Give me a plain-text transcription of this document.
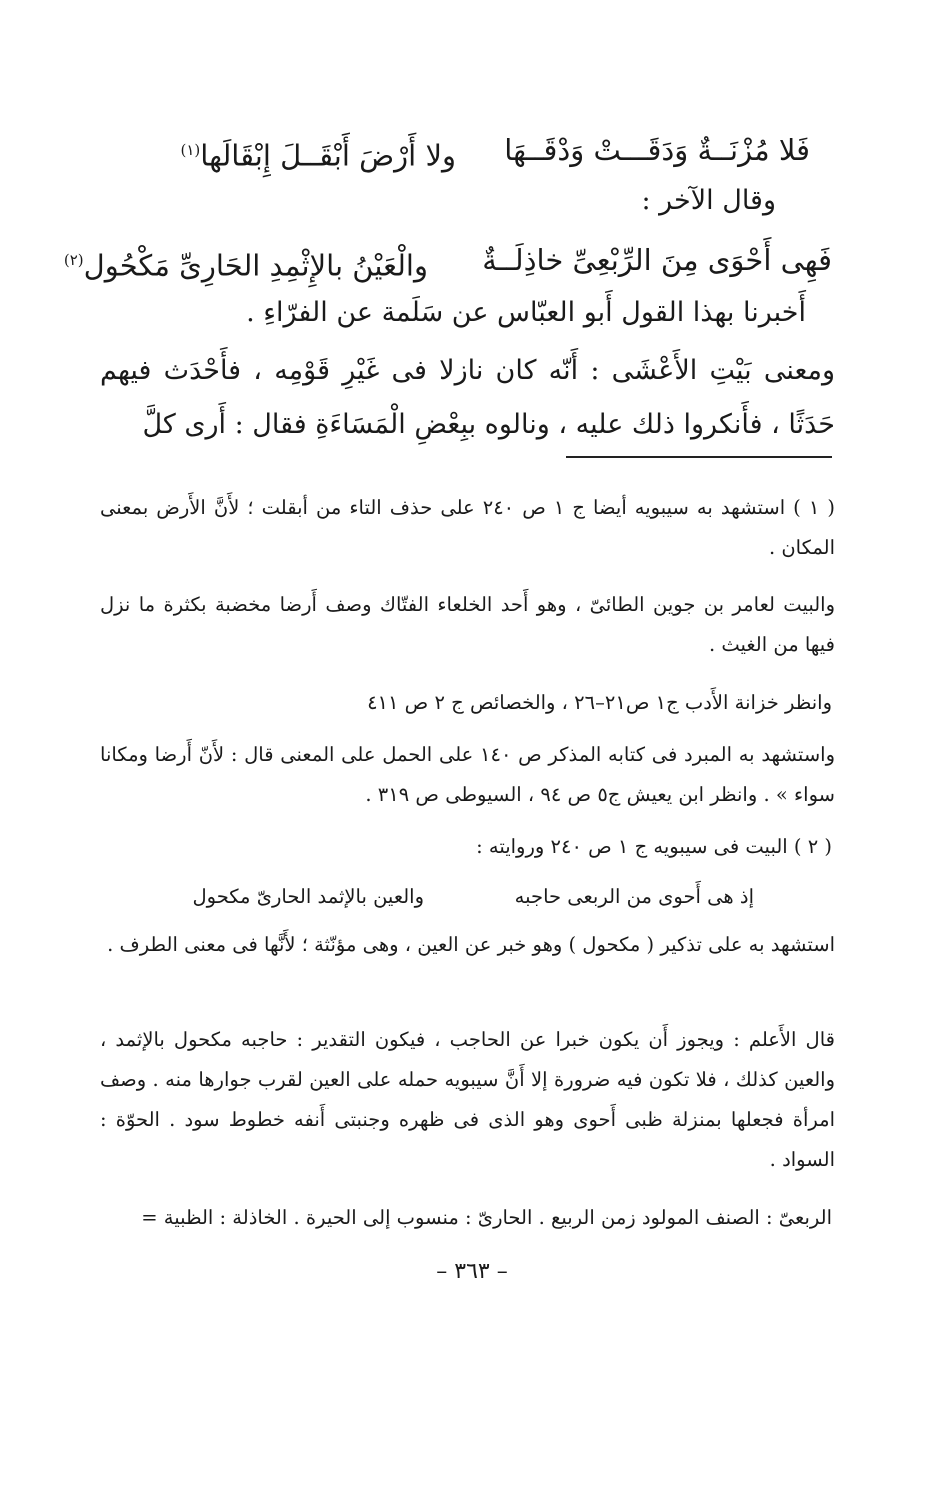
فَلا مُزْنَــةٌ وَدَقَـــتْ وَدْقَــهَا
ولا أَرْضَ أَبْقَــلَ إِبْقَالَها$^{(١)}$
وقال الآخر :
فَهِى أَحْوَى مِنَ الرِّبْعِىِّ خاذِلَــةٌ
والْعَيْنُ بالإِثْمِدِ الحَارِىِّ مَكْحُول$^{(٢)}$
أَخبرنا بهذا القول أَبو العبّاس عن سَلَمة عن الفرّاءِ .
ومعنى بَيْتِ الأَعْشَى : أَنّه كان نازلا فى غَيْرِ قَوْمِه ، فأَحْدَث فيهم حَدَثًا ، فأَنكروا ذلك عليه ، ونالوه ببِعْضِ الْمَسَاءَةِ فقال : أَرى كلَّ
( ١ ) استشهد به سيبويه أيضا ج ١ ص ٢٤٠ على حذف التاء من أبقلت ؛ لأَنَّ الأَرض بمعنى المكان .
والبيت لعامر بن جوين الطائىّ ، وهو أَحد الخلعاء الفتّاك وصف أَرضا مخضبة بكثرة ما نزل فيها من الغيث .
وانظر خزانة الأَدب ج١ ص٢١–٢٦ ، والخصائص ج ٢ ص ٤١١
واستشهد به المبرد فى كتابه المذكر ص ١٤٠ على الحمل على المعنى قال : لأَنّ أَرضا ومكانا سواء » . وانظر ابن يعيش ج٥ ص ٩٤ ، السيوطى ص ٣١٩ .
( ٢ ) البيت فى سيبويه ج ١ ص ٢٤٠ وروايته :
إذ هى أَحوى من الربعى حاجبه
والعين بالإثمد الحارىّ مكحول
استشهد به على تذكير ( مكحول ) وهو خبر عن العين ، وهى مؤنّثة ؛ لأَنَّها فى معنى الطرف .
قال الأَعلم : ويجوز أَن يكون خبرا عن الحاجب ، فيكون التقدير : حاجبه مكحول بالإثمد ، والعين كذلك ، فلا تكون فيه ضرورة إلا أَنَّ سيبويه حمله على العين لقرب جوارها منه . وصف امرأة فجعلها بمنزلة ظبى أَحوى وهو الذى فى ظهره وجنبتى أَنفه خطوط سود . الحوّة : السواد .
الربعىّ : الصنف المولود زمن الربيع . الحارىّ : منسوب إلى الحيرة . الخاذلة : الظبية =
– ٣٦٣ –
